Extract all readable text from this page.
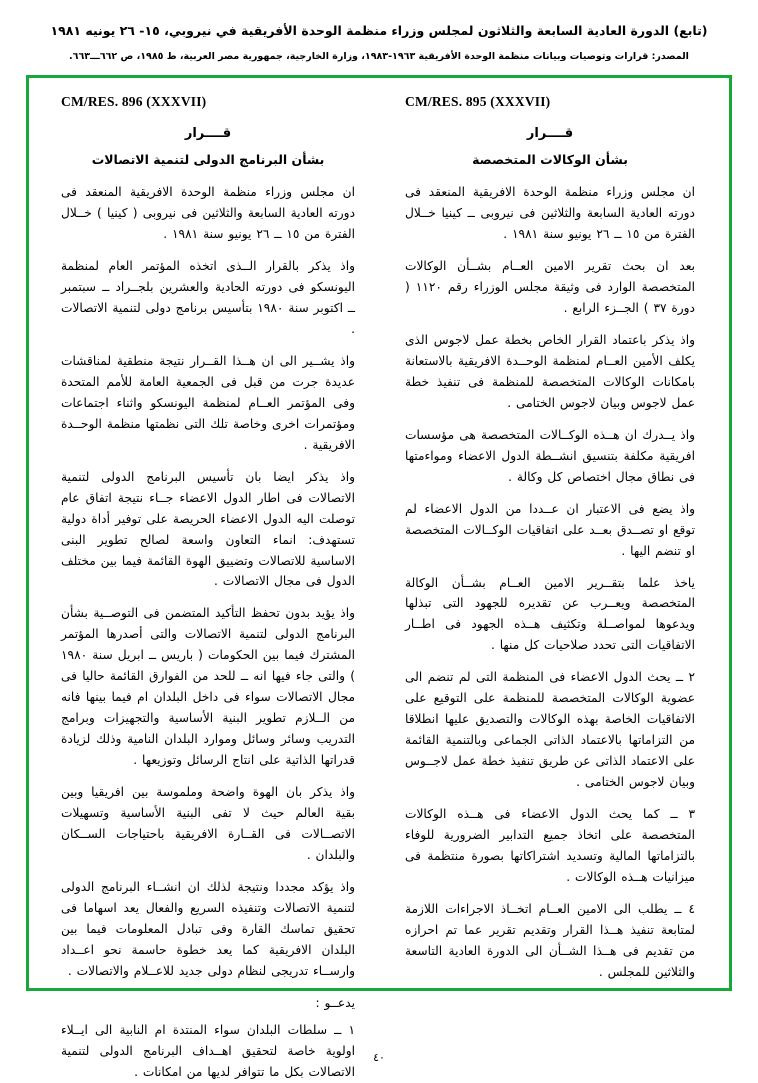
(تابع) الدورة العادية السابعة والثلاثون لمجلس وزراء منظمة الوحدة الأفريقية في نيروبي، ١٥- ٢٦ يونيه ١٩٨١
المصدر: قرارات وتوصيات وبيانات منظمة الوحدة الأفريقية ١٩٦٣-١٩٨٣، وزارة الخارجية، جمهورية مصر العربية، ط ١٩٨٥، ص ٦٦٢ـــ٦٦٣.
CM/RES. 895 (XXXVII)
قــــرار
بشأن الوكالات المتخصصة

ان مجلس وزراء منظمة الوحدة الافريقية المنعقد فى دورته العادية السابعة والثلاثين فى نيروبى ــ كينيا خــلال الفترة من ١٥ ــ ٢٦ يونيو سنة ١٩٨١ .

بعد ان بحث تقرير الامين العــام بشــأن الوكالات المتخصصة الوارد فى وثيقة مجلس الوزراء رقم ١١٢٠ ( دورة ٣٧ ) الجــزء الرابع .

واذ يذكر باعتماد القرار الخاص بخطة عمل لاجوس الذى يكلف الأمين العــام لمنظمة الوحــدة الافريقية بالاستعانة بامكانات الوكالات المتخصصة للمنظمة فى تنفيذ خطة عمل لاجوس وبيان لاجوس الختامى .

واذ يــدرك ان هــذه الوكــالات المتخصصة هى مؤسسات افريقية مكلفة بتنسيق انشــطة الدول الاعضاء ومواءمتها فى نطاق مجال اختصاص كل وكالة .

واذ يضع فى الاعتبار ان عــددا من الدول الاعضاء لم توقع او تصــدق بعــد على اتفاقيات الوكــالات المتخصصة او تنضم اليها .

ياخذ علما بتقــرير الامين العــام بشــأن الوكالة المتخصصة ويعــرب عن تقديره للجهود التى تبذلها ويدعوها لمواصــلة وتكثيف هــذه الجهود فى اطــار الاتفاقيات التى تحدد صلاحيات كل منها .

٢ ــ يحث الدول الاعضاء فى المنظمة التى لم تنضم الى عضوية الوكالات المتخصصة للمنظمة على التوقيع على الاتفاقيات الخاصة بهذه الوكالات والتصديق عليها انطلاقا من التزاماتها بالاعتماد الذاتى الجماعى وبالتنمية القائمة على الاعتماد الذاتى عن طريق تنفيذ خطة عمل لاجــوس وبيان لاجوس الختامى .

٣ ــ كما يحث الدول الاعضاء فى هــذه الوكالات المتخصصة على اتخاذ جميع التدابير الضرورية للوفاء بالتزاماتها المالية وتسديد اشتراكاتها بصورة منتظمة فى ميزانيات هــذه الوكالات .

٤ ــ يطلب الى الامين العــام اتخــاذ الاجراءات اللازمة لمتابعة تنفيذ هــذا القرار وتقديم تقرير عما تم احرازه من تقديم فى هــذا الشــأن الى الدورة العادية التاسعة والثلاثين للمجلس .

CM/RES. 896 (XXXVII)
قــــرار
بشأن البرنامج الدولى لتنمية الاتصالات

ان مجلس وزراء منظمة الوحدة الافريقية المنعقد فى دورته العادية السابعة والثلاثين فى نيروبى ( كينيا ) خــلال الفترة من ١٥ ــ ٢٦ يونيو سنة ١٩٨١ .

واذ يذكر بالقرار الــذى اتخذه المؤتمر العام لمنظمة اليونسكو فى دورته الحادية والعشرين بلجــراد ــ سبتمبر ــ اكتوبر سنة ١٩٨٠ بتأسيس برنامج دولى لتنمية الاتصالات .

واذ يشــير الى ان هــذا القــرار نتيجة منطقية لمناقشات عديدة جرت من قبل فى الجمعية العامة للأمم المتحدة وفى المؤتمر العــام لمنظمة اليونسكو واثناء اجتماعات ومؤتمرات اخرى وخاصة تلك التى نظمتها منظمة الوحــدة الافريقية .

واذ يذكر ايضا بان تأسيس البرنامج الدولى لتنمية الاتصالات فى اطار الدول الاعضاء جــاء نتيجة اتفاق عام توصلت اليه الدول الاعضاء الحريصة على توفير أداة دولية تستهدف: انماء التعاون واسعة لصالح تطوير البنى الاساسية للاتصالات وتضييق الهوة القائمة فيما بين مختلف الدول فى مجال الاتصالات .

واذ يؤيد بدون تحفظ التأكيد المتضمن فى التوصــية بشأن البرنامج الدولى لتنمية الاتصالات والتى أصدرها المؤتمر المشترك فيما بين الحكومات ( باريس ــ ابريل سنة ١٩٨٠ ) والتى جاء فيها انه ــ للحد من الفوارق القائمة حاليا فى مجال الاتصالات سواء فى داخل البلدان ام فيما بينها فانه من الــلازم تطوير البنية الأساسية والتجهيزات وبرامج التدريب وسائر وسائل وموارد البلدان النامية وذلك لزيادة قدراتها الذاتية على انتاج الرسائل وتوزيعها .

واذ يذكر بان الهوة واضحة وملموسة بين افريقيا وبين بقية العالم حيث لا تفى البنية الأساسية وتسهيلات الاتصــالات فى القــارة الافريقية باحتياجات الســكان والبلدان .

واذ يؤكد مجددا ونتيجة لذلك ان انشــاء البرنامج الدولى لتنمية الاتصالات وتنفيذه السريع والفعال يعد اسهاما فى تحقيق تماسك القارة وفى تبادل المعلومات فيما بين البلدان الافريقية كما يعد خطوة حاسمة نحو اعــداد وارســاء تدريجى لنظام دولى جديد للاعــلام والاتصالات .

يدعــو :

١ ــ سلطات البلدان سواء المنتدة ام النابية الى ايــلاء اولوية خاصة لتحقيق اهــداف البرنامج الدولى لتنمية الاتصالات بكل ما تتوافر لديها من امكانات .

٤٠
